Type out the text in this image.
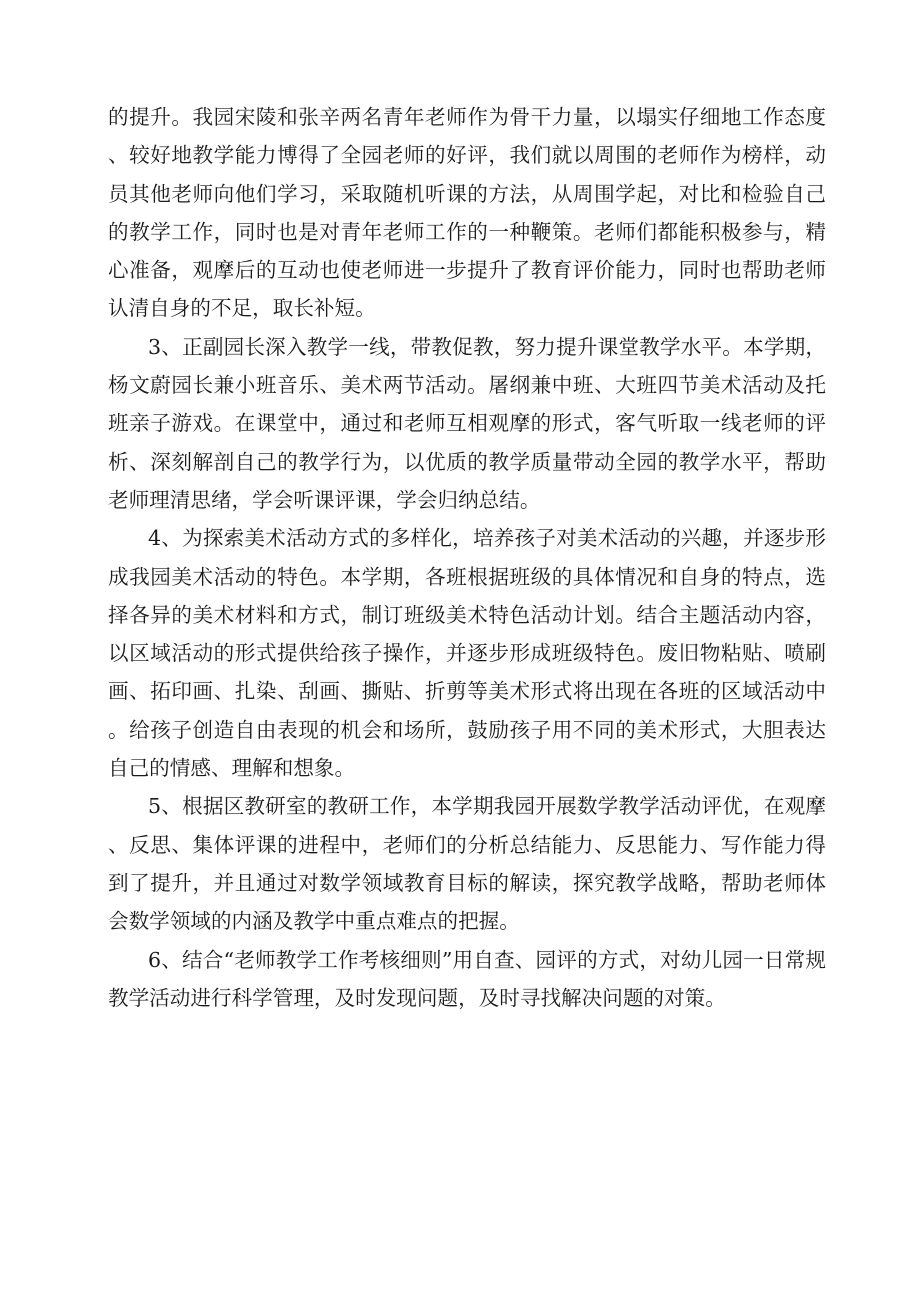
的提升。我园宋陵和张辛两名青年老师作为骨干力量，以塌实仔细地工作态度、较好地教学能力博得了全园老师的好评，我们就以周围的老师作为榜样，动员其他老师向他们学习，采取随机听课的方法，从周围学起，对比和检验自己的教学工作，同时也是对青年老师工作的一种鞭策。老师们都能积极参与，精心准备，观摩后的互动也使老师进一步提升了教育评价能力，同时也帮助老师认清自身的不足，取长补短。

3、正副园长深入教学一线，带教促教，努力提升课堂教学水平。本学期，杨文蔚园长兼小班音乐、美术两节活动。屠纲兼中班、大班四节美术活动及托班亲子游戏。在课堂中，通过和老师互相观摩的形式，客气听取一线老师的评析、深刻解剖自己的教学行为，以优质的教学质量带动全园的教学水平，帮助老师理清思绪，学会听课评课，学会归纳总结。

4、为探索美术活动方式的多样化，培养孩子对美术活动的兴趣，并逐步形成我园美术活动的特色。本学期，各班根据班级的具体情况和自身的特点，选择各异的美术材料和方式，制订班级美术特色活动计划。结合主题活动内容，以区域活动的形式提供给孩子操作，并逐步形成班级特色。废旧物粘贴、喷刷画、拓印画、扎染、刮画、撕贴、折剪等美术形式将出现在各班的区域活动中。给孩子创造自由表现的机会和场所，鼓励孩子用不同的美术形式，大胆表达自己的情感、理解和想象。

5、根据区教研室的教研工作，本学期我园开展数学教学活动评优，在观摩、反思、集体评课的进程中，老师们的分析总结能力、反思能力、写作能力得到了提升，并且通过对数学领域教育目标的解读，探究教学战略，帮助老师体会数学领域的内涵及教学中重点难点的把握。

6、结合“老师教学工作考核细则”用自查、园评的方式，对幼儿园一日常规教学活动进行科学管理，及时发现问题，及时寻找解决问题的对策。
